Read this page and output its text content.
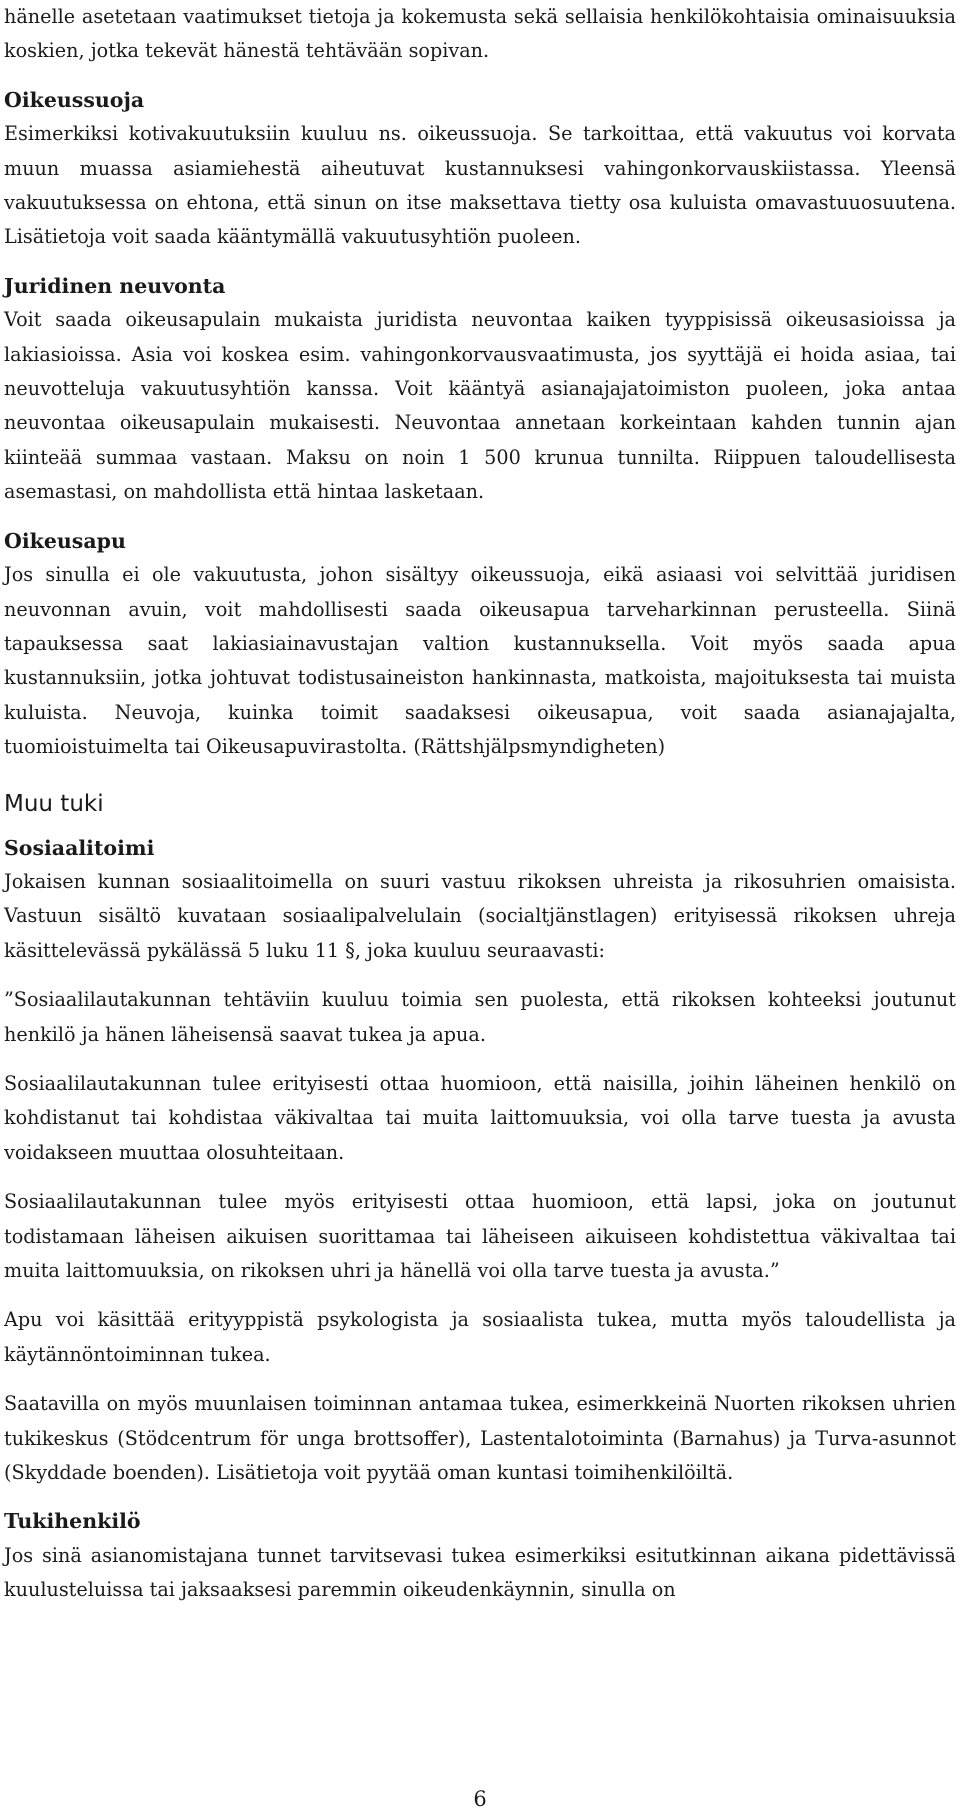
hänelle asetetaan vaatimukset tietoja ja kokemusta sekä sellaisia henkilökohtaisia ominaisuuksia koskien, jotka tekevät hänestä tehtävään sopivan.

Oikeussuoja

Esimerkiksi kotivakuutuksiin kuuluu ns. oikeussuoja. Se tarkoittaa, että vakuutus voi korvata muun muassa asiamiehestä aiheutuvat kustannuksesi vahingonkorvauskiistassa. Yleensä vakuutuksessa on ehtona, että sinun on itse maksettava tietty osa kuluista omavastuuosuutena. Lisätietoja voit saada kääntymällä vakuutusyhtiön puoleen.

Juridinen neuvonta

Voit saada oikeusapulain mukaista juridista neuvontaa kaiken tyyppisissä oikeusasioissa ja lakiasioissa. Asia voi koskea esim. vahingonkorvausvaatimusta, jos syyttäjä ei hoida asiaa, tai neuvotteluja vakuutusyhtiön kanssa. Voit kääntyä asianajajatoimiston puoleen, joka antaa neuvontaa oikeusapulain mukaisesti. Neuvontaa annetaan korkeintaan kahden tunnin ajan kiinteää summaa vastaan. Maksu on noin 1 500 krunua tunnilta. Riippuen taloudellisesta asemastasi, on mahdollista että hintaa lasketaan.

Oikeusapu

Jos sinulla ei ole vakuutusta, johon sisältyy oikeussuoja, eikä asiaasi voi selvittää juridisen neuvonnan avuin, voit mahdollisesti saada oikeusapua tarveharkinnan perusteella. Siinä tapauksessa saat lakiasiainavustajan valtion kustannuksella. Voit myös saada apua kustannuksiin, jotka johtuvat todistusaineiston hankinnasta, matkoista, majoituksesta tai muista kuluista. Neuvoja, kuinka toimit saadaksesi oikeusapua, voit saada asianajajalta, tuomioistuimelta tai Oikeusapuvirastolta. (Rättshjälpsmyndigheten)

Muu tuki
Sosiaalitoimi

Jokaisen kunnan sosiaalitoimella on suuri vastuu rikoksen uhreista ja rikosuhrien omaisista. Vastuun sisältö kuvataan sosiaalipalvelulain (socialtjänstlagen) erityisessä rikoksen uhreja käsittelevässä pykälässä 5 luku 11 §, joka kuuluu seuraavasti:

”Sosiaalilautakunnan tehtäviin kuuluu toimia sen puolesta, että rikoksen kohteeksi joutunut henkilö ja hänen läheisensä saavat tukea ja apua.

Sosiaalilautakunnan tulee erityisesti ottaa huomioon, että naisilla, joihin läheinen henkilö on kohdistanut tai kohdistaa väkivaltaa tai muita laittomuuksia, voi olla tarve tuesta ja avusta voidakseen muuttaa olosuhteitaan.

Sosiaalilautakunnan tulee myös erityisesti ottaa huomioon, että lapsi, joka on joutunut todistamaan läheisen aikuisen suorittamaa tai läheiseen aikuiseen kohdistettua väkivaltaa tai muita laittomuuksia, on rikoksen uhri ja hänellä voi olla tarve tuesta ja avusta.”

Apu voi käsittää erityyppistä psykologista ja sosiaalista tukea, mutta myös taloudellista ja käytännöntoiminnan tukea.

Saatavilla on myös muunlaisen toiminnan antamaa tukea, esimerkkeinä Nuorten rikoksen uhrien tukikeskus (Stödcentrum för unga brottsoffer), Lastentalotoiminta (Barnahus) ja Turva-asunnot (Skyddade boenden). Lisätietoja voit pyytää oman kuntasi toimihenkilöiltä.

Tukihenkilö

Jos sinä asianomistajana tunnet tarvitsevasi tukea esimerkiksi esitutkinnan aikana pidettävissä kuulusteluissa tai jaksaaksesi paremmin oikeudenkäynnin, sinulla on

6
